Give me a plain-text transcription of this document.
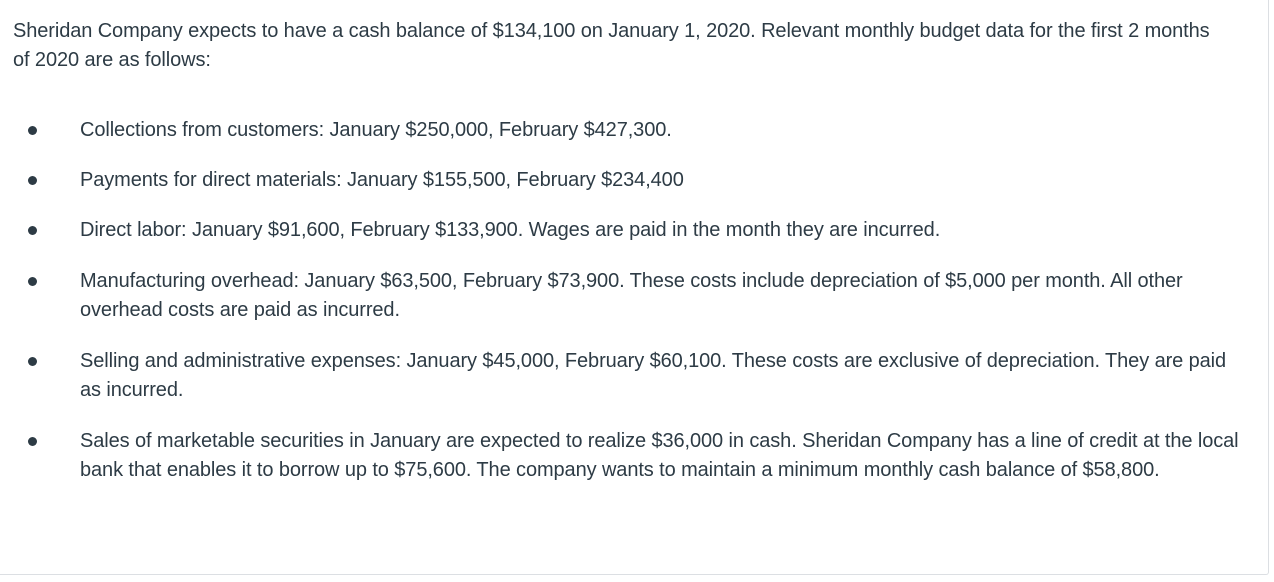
Sheridan Company expects to have a cash balance of $134,100 on January 1, 2020. Relevant monthly budget data for the first 2 months of 2020 are as follows:

Collections from customers: January $250,000, February $427,300.
Payments for direct materials: January $155,500, February $234,400
Direct labor: January $91,600, February $133,900. Wages are paid in the month they are incurred.
Manufacturing overhead: January $63,500, February $73,900. These costs include depreciation of $5,000 per month. All other overhead costs are paid as incurred.
Selling and administrative expenses: January $45,000, February $60,100. These costs are exclusive of depreciation. They are paid as incurred.
Sales of marketable securities in January are expected to realize $36,000 in cash. Sheridan Company has a line of credit at the local bank that enables it to borrow up to $75,600. The company wants to maintain a minimum monthly cash balance of $58,800.
